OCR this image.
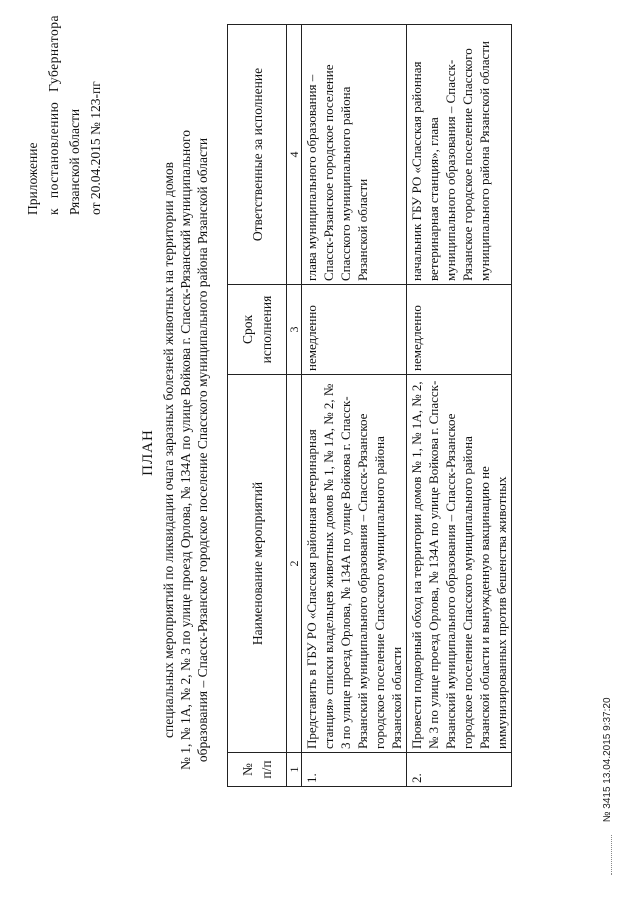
Приложение к постановлению Губернатора Рязанской области от 20.04.2015 № 123-пг
ПЛАН специальных мероприятий по ликвидации очага заразных болезней животных на территории домов № 1, № 1А, № 2, № 3 по улице проезд Орлова, № 134А по улице Войкова г. Спасск-Рязанский муниципального образования – Спасск-Рязанское городское поселение Спасского муниципального района Рязанской области
№ п/п	Наименование мероприятий	Срок исполнения	Ответственные за исполнение
1	2	3	4
1.	Представить в ГБУ РО «Спасская районная ветеринарная станция» списки владельцев животных домов № 1, № 1А, № 2, № 3 по улице проезд Орлова, № 134А по улице Войкова г. Спасск-Рязанский муниципального образования – Спасск-Рязанское городское поселение Спасского муниципального района Рязанской области	немедленно	глава муниципального образования – Спасск-Рязанское городское поселение Спасского муниципального района Рязанской области
2.	Провести подворный обход на территории домов № 1, № 1А, № 2, № 3 по улице проезд Орлова, № 134А по улице Войкова г. Спасск-Рязанский муниципального образования – Спасск-Рязанское городское поселение Спасского муниципального района Рязанской области и вынужденную вакцинацию не иммунизированных против бешенства животных	немедленно	начальник ГБУ РО «Спасская районная ветеринарная станция», глава муниципального образования – Спасск-Рязанское городское поселение Спасского муниципального района Рязанской области
№ 3415 13.04.2015 9:37:20
